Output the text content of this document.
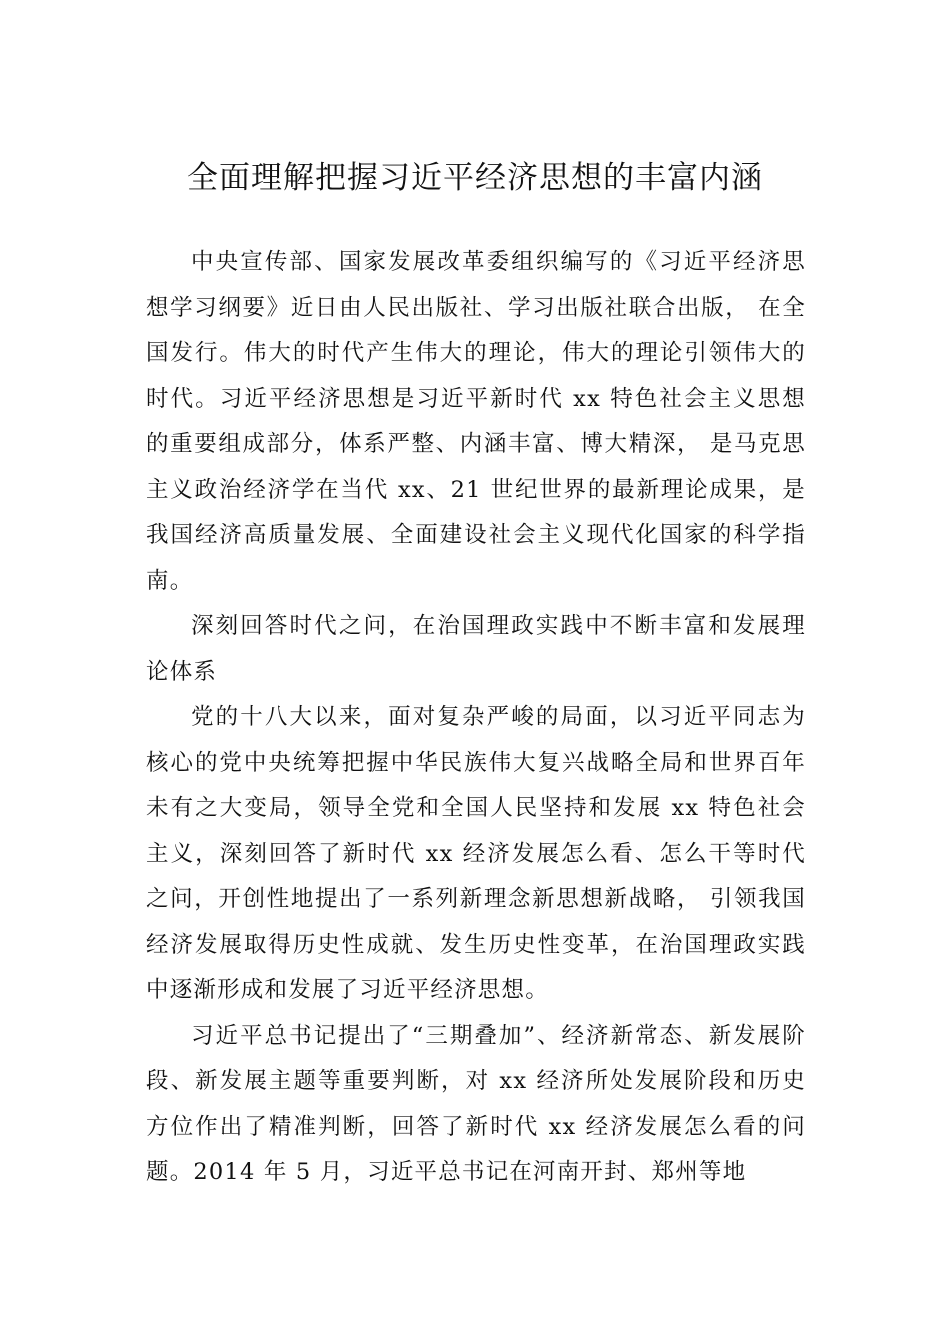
全面理解把握习近平经济思想的丰富内涵

中央宣传部、国家发展改革委组织编写的《习近平经济思想学习纲要》近日由人民出版社、学习出版社联合出版， 在全国发行。伟大的时代产生伟大的理论，伟大的理论引领伟大的时代。习近平经济思想是习近平新时代 xx 特色社会主义思想的重要组成部分，体系严整、内涵丰富、博大精深， 是马克思主义政治经济学在当代 xx、21 世纪世界的最新理论成果，是我国经济高质量发展、全面建设社会主义现代化国家的科学指南。

深刻回答时代之问，在治国理政实践中不断丰富和发展理论体系

党的十八大以来，面对复杂严峻的局面，以习近平同志为核心的党中央统筹把握中华民族伟大复兴战略全局和世界百年未有之大变局，领导全党和全国人民坚持和发展 xx 特色社会主义，深刻回答了新时代 xx 经济发展怎么看、怎么干等时代之问，开创性地提出了一系列新理念新思想新战略， 引领我国经济发展取得历史性成就、发生历史性变革，在治国理政实践中逐渐形成和发展了习近平经济思想。

习近平总书记提出了“三期叠加”、经济新常态、新发展阶段、新发展主题等重要判断，对 xx 经济所处发展阶段和历史方位作出了精准判断，回答了新时代 xx 经济发展怎么看的问题。2014 年 5 月，习近平总书记在河南开封、郑州等地
